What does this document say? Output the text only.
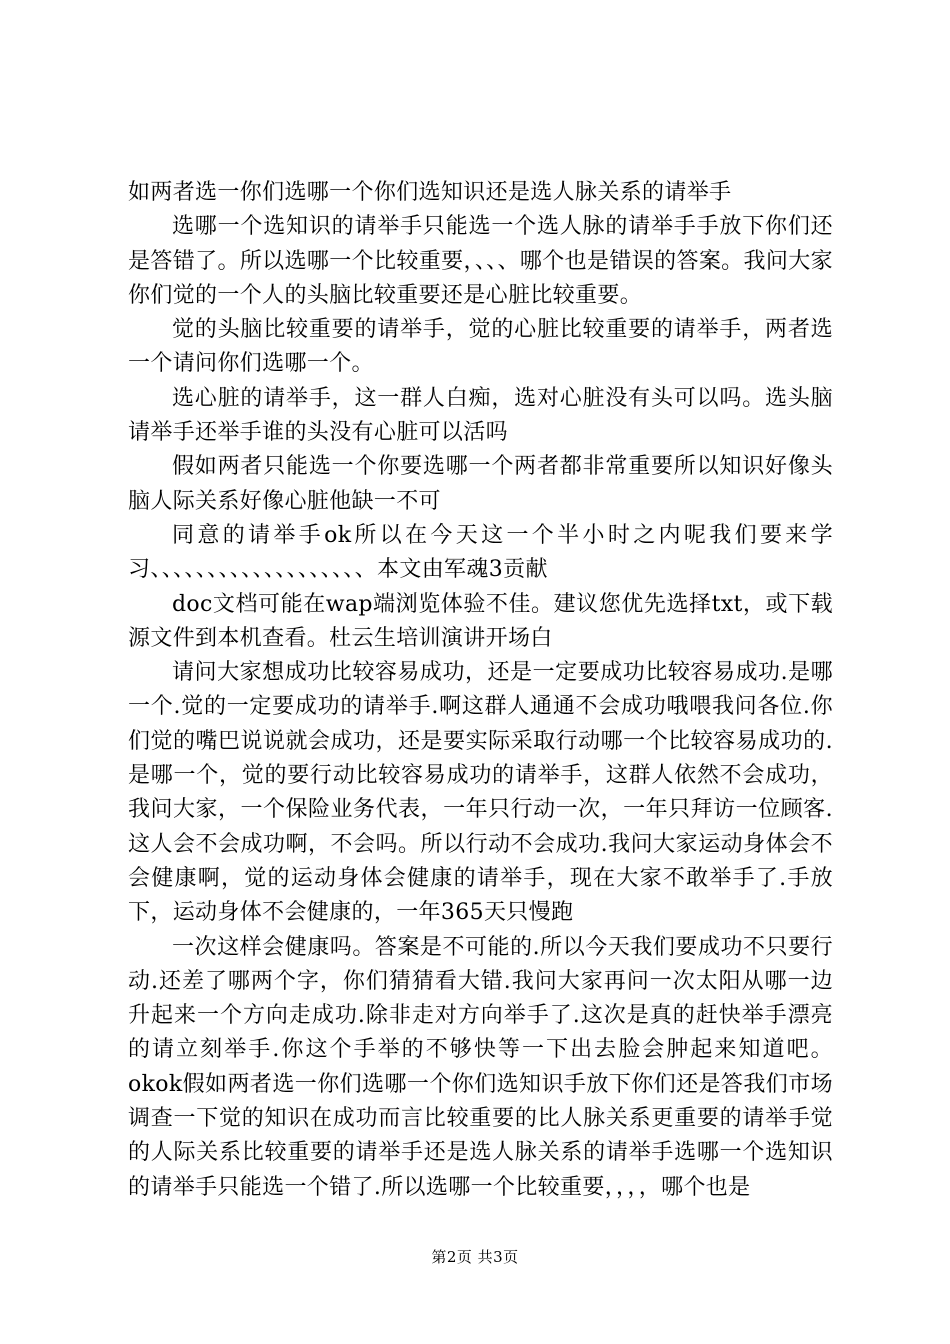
如两者选一你们选哪一个你们选知识还是选人脉关系的请举手

选哪一个选知识的请举手只能选一个选人脉的请举手手放下你们还是答错了。所以选哪一个比较重要，、、、哪个也是错误的答案。我问大家你们觉的一个人的头脑比较重要还是心脏比较重要。

觉的头脑比较重要的请举手，觉的心脏比较重要的请举手，两者选一个请问你们选哪一个。

选心脏的请举手，这一群人白痴，选对心脏没有头可以吗。选头脑请举手还举手谁的头没有心脏可以活吗

假如两者只能选一个你要选哪一个两者都非常重要所以知识好像头脑人际关系好像心脏他缺一不可

同意的请举手ok所以在今天这一个半小时之内呢我们要来学习、、、、、、、、、、、、、、、、、、、本文由军魂3贡献

doc文档可能在wap端浏览体验不佳。建议您优先选择txt，或下载源文件到本机查看。杜云生培训演讲开场白

请问大家想成功比较容易成功，还是一定要成功比较容易成功.是哪一个.觉的一定要成功的请举手.啊这群人通通不会成功哦喂我问各位.你们觉的嘴巴说说就会成功，还是要实际采取行动哪一个比较容易成功的.是哪一个，觉的要行动比较容易成功的请举手，这群人依然不会成功，我问大家，一个保险业务代表，一年只行动一次，一年只拜访一位顾客.这人会不会成功啊，不会吗。所以行动不会成功.我问大家运动身体会不会健康啊，觉的运动身体会健康的请举手，现在大家不敢举手了.手放下，运动身体不会健康的，一年365天只慢跑

一次这样会健康吗。答案是不可能的.所以今天我们要成功不只要行动.还差了哪两个字，你们猜猜看大错.我问大家再问一次太阳从哪一边升起来一个方向走成功.除非走对方向举手了.这次是真的赶快举手漂亮的请立刻举手.你这个手举的不够快等一下出去脸会肿起来知道吧。okok假如两者选一你们选哪一个你们选知识手放下你们还是答我们市场调查一下觉的知识在成功而言比较重要的比人脉关系更重要的请举手觉的人际关系比较重要的请举手还是选人脉关系的请举手选哪一个选知识的请举手只能选一个错了.所以选哪一个比较重要，，，，哪个也是

第2页 共3页
